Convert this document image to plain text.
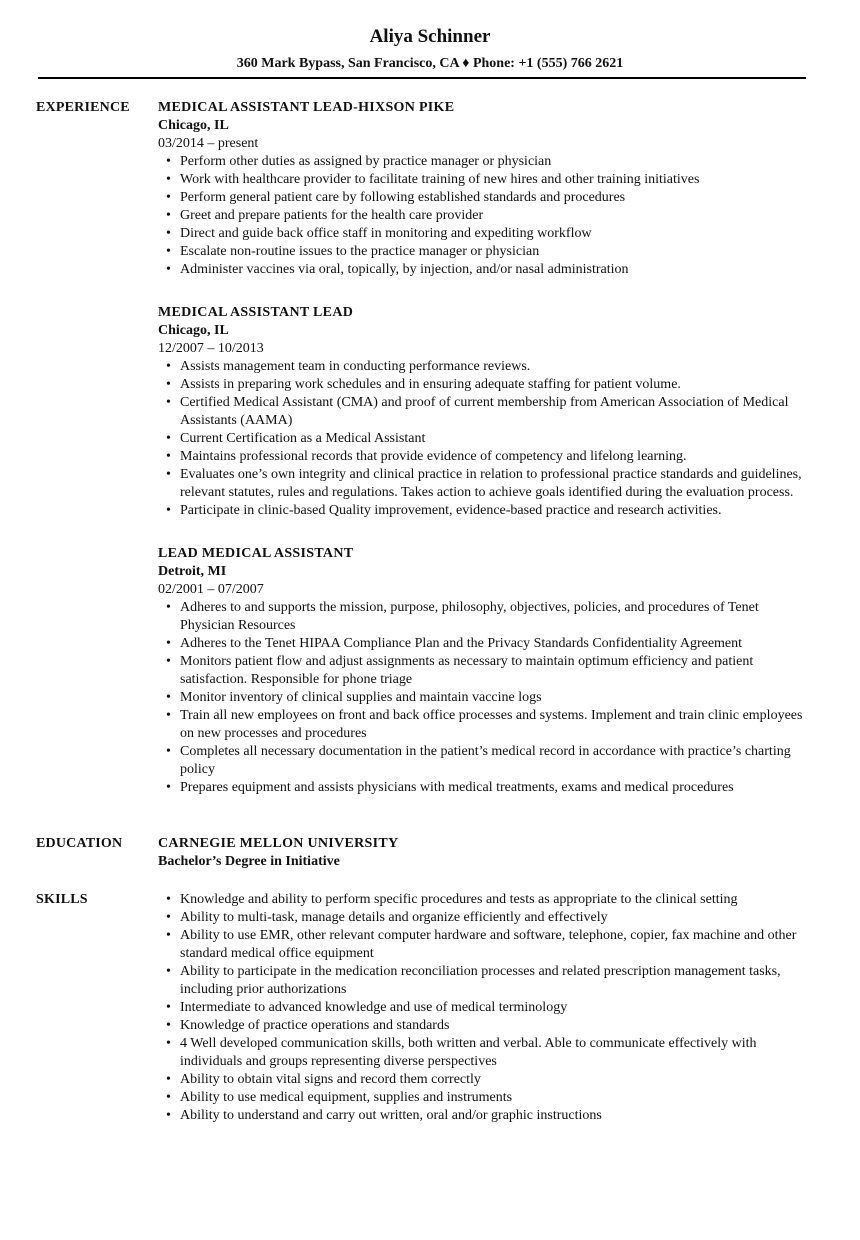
Aliya Schinner
360 Mark Bypass, San Francisco, CA ♦ Phone: +1 (555) 766 2621
EXPERIENCE	MEDICAL ASSISTANT LEAD-HIXSON PIKE
Chicago, IL
03/2014 – present
• Perform other duties as assigned by practice manager or physician
• Work with healthcare provider to facilitate training of new hires and other training initiatives
• Perform general patient care by following established standards and procedures
• Greet and prepare patients for the health care provider
• Direct and guide back office staff in monitoring and expediting workflow
• Escalate non-routine issues to the practice manager or physician
• Administer vaccines via oral, topically, by injection, and/or nasal administration
MEDICAL ASSISTANT LEAD
Chicago, IL
12/2007 – 10/2013
• Assists management team in conducting performance reviews.
• Assists in preparing work schedules and in ensuring adequate staffing for patient volume.
• Certified Medical Assistant (CMA) and proof of current membership from American Association of Medical Assistants (AAMA)
• Current Certification as a Medical Assistant
• Maintains professional records that provide evidence of competency and lifelong learning.
• Evaluates one’s own integrity and clinical practice in relation to professional practice standards and guidelines, relevant statutes, rules and regulations. Takes action to achieve goals identified during the evaluation process.
• Participate in clinic-based Quality improvement, evidence-based practice and research activities.
LEAD MEDICAL ASSISTANT
Detroit, MI
02/2001 – 07/2007
• Adheres to and supports the mission, purpose, philosophy, objectives, policies, and procedures of Tenet Physician Resources
• Adheres to the Tenet HIPAA Compliance Plan and the Privacy Standards Confidentiality Agreement
• Monitors patient flow and adjust assignments as necessary to maintain optimum efficiency and patient satisfaction. Responsible for phone triage
• Monitor inventory of clinical supplies and maintain vaccine logs
• Train all new employees on front and back office processes and systems. Implement and train clinic employees on new processes and procedures
• Completes all necessary documentation in the patient’s medical record in accordance with practice’s charting policy
• Prepares equipment and assists physicians with medical treatments, exams and medical procedures
EDUCATION	CARNEGIE MELLON UNIVERSITY
Bachelor’s Degree in Initiative
SKILLS
•	Knowledge and ability to perform specific procedures and tests as appropriate to the clinical setting
• Ability to multi-task, manage details and organize efficiently and effectively
• Ability to use EMR, other relevant computer hardware and software, telephone, copier, fax machine and other standard medical office equipment
• Ability to participate in the medication reconciliation processes and related prescription management tasks, including prior authorizations
• Intermediate to advanced knowledge and use of medical terminology
• Knowledge of practice operations and standards
• 4 Well developed communication skills, both written and verbal. Able to communicate effectively with individuals and groups representing diverse perspectives
• Ability to obtain vital signs and record them correctly
• Ability to use medical equipment, supplies and instruments
• Ability to understand and carry out written, oral and/or graphic instructions
